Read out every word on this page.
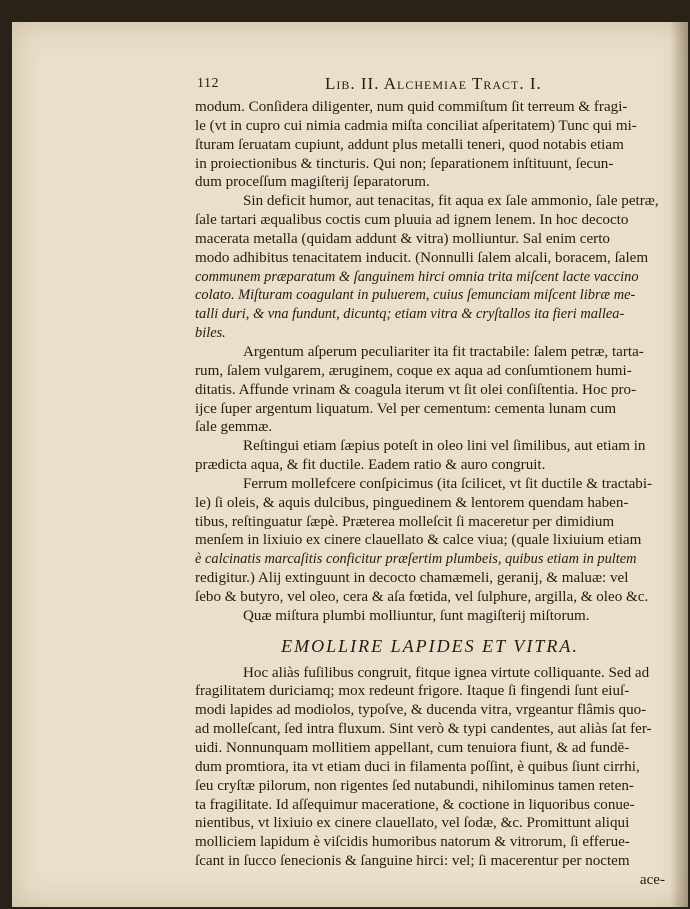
112	Lib. II. Alchemiae Tract. I.
modum. Conſidera diligenter, num quid commiſtum ſit terreum & fragi-
le (vt in cupro cui nimia cadmia miſta conciliat aſperitatem) Tunc qui mi-
ſturam ſeruatam cupiunt, addunt plus metalli teneri, quod notabis etiam
in proiectionibus & tincturis. Qui non; ſeparationem inſtituunt, ſecun-
dum proceſſum magiſterij ſeparatorum.
Sin deficit humor, aut tenacitas, fit aqua ex ſale ammonio, ſale petræ,
ſale tartari æqualibus coctis cum pluuia ad ignem lenem. In hoc decocto
macerata metalla (quidam addunt & vitra) molliuntur. Sal enim certo
modo adhibitus tenacitatem inducit. (Nonnulli ſalem alcali, boracem, ſalem
communem præparatum & ſanguinem hirci omnia trita miſcent lacte vaccino
colato. Miſturam coagulant in puluerem, cuius ſemunciam miſcent libræ me-
talli duri, & vna fundunt, dicuntq; etiam vitra & cryſtallos ita fieri mallea-
biles.
Argentum aſperum peculiariter ita fit tractabile: ſalem petræ, tarta-
rum, ſalem vulgarem, æruginem, coque ex aqua ad conſumtionem humi-
ditatis. Affunde vrinam & coagula iterum vt ſit olei conſiſtentia. Hoc pro-
ijce ſuper argentum liquatum. Vel per cementum: cementa lunam cum
ſale gemmæ.
Reſtingui etiam ſæpius poteſt in oleo lini vel ſimilibus, aut etiam in
prædicta aqua, & fit ductile. Eadem ratio & auro congruit.
Ferrum mollefcere conſpicimus (ita ſcilicet, vt ſit ductile & tractabi-
le) ſi oleis, & aquis dulcibus, pinguedinem & lentorem quendam haben-
tibus, reſtinguatur ſæpè. Præterea molleſcit ſi maceretur per dimidium
menſem in lixiuio ex cinere clauellato & calce viua; (quale lixiuium etiam
è calcinatis marcaſitis conficitur præſertim plumbeis, quibus etiam in pultem
redigitur.) Alij extinguunt in decocto chamæmeli, geranij, & maluæ: vel
ſebo & butyro, vel oleo, cera & aſa fœtida, vel ſulphure, argilla, & oleo &c.
Quæ miſtura plumbi molliuntur, ſunt magiſterij miſtorum.
EMOLLIRE LAPIDES ET VITRA.
Hoc aliàs fuſilibus congruit, fitque ignea virtute colliquante. Sed ad
fragilitatem duriciamq; mox redeunt frigore. Itaque ſi fingendi ſunt eiuſ-
modi lapides ad modiolos, typoſve, & ducenda vitra, vrgeantur flâmis quo-
ad molleſcant, ſed intra fluxum. Sint verò & typi candentes, aut aliàs ſat fer-
uidi. Nonnunquam mollitiem appellant, cum tenuiora fiunt, & ad fundē-
dum promtiora, ita vt etiam duci in filamenta poſſint, è quibus ſiunt cirrhi,
ſeu cryſtæ pilorum, non rigentes ſed nutabundi, nihilominus tamen reten-
ta fragilitate. Id aſſequimur maceratione, & coctione in liquoribus conue-
nientibus, vt lixiuio ex cinere clauellato, vel ſodæ, &c. Promittunt aliqui
molliciem lapidum è viſcidis humoribus natorum & vitrorum, ſi efferue-
ſcant in ſucco ſenecionis & ſanguine hirci: vel; ſi macerentur per noctem
ace-
